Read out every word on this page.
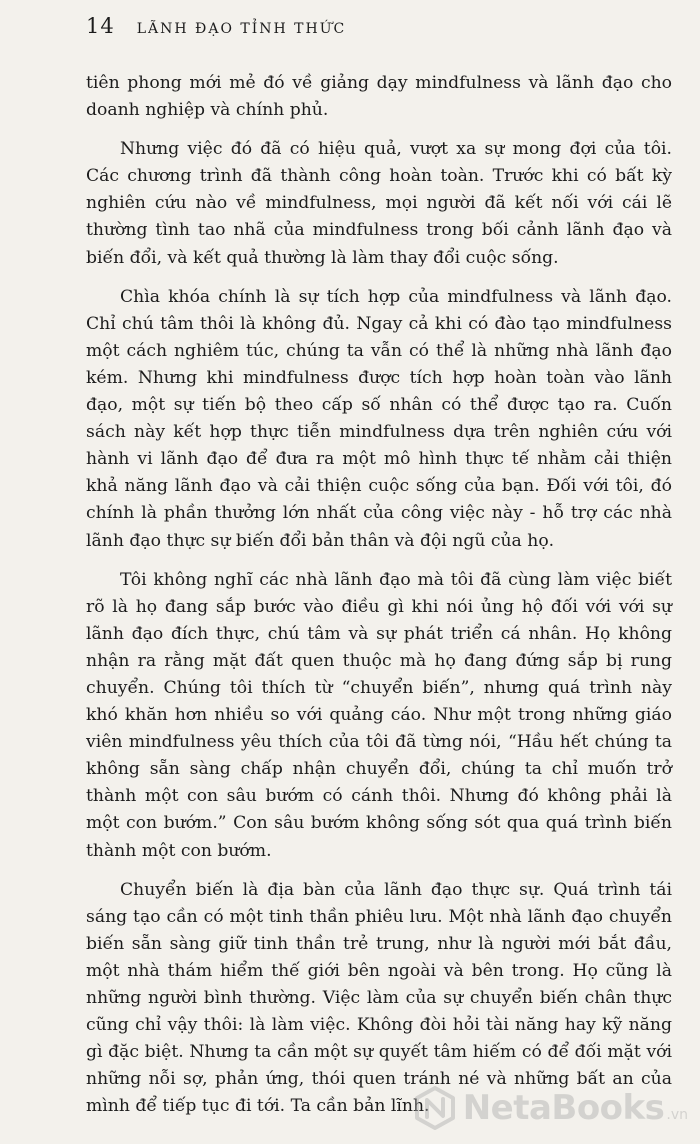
14 LÃNH ĐẠO TỈNH THỨC

tiên phong mới mẻ đó về giảng dạy mindfulness và lãnh đạo cho doanh nghiệp và chính phủ.

Nhưng việc đó đã có hiệu quả, vượt xa sự mong đợi của tôi. Các chương trình đã thành công hoàn toàn. Trước khi có bất kỳ nghiên cứu nào về mindfulness, mọi người đã kết nối với cái lẽ thường tình tao nhã của mindfulness trong bối cảnh lãnh đạo và biến đổi, và kết quả thường là làm thay đổi cuộc sống.

Chìa khóa chính là sự tích hợp của mindfulness và lãnh đạo. Chỉ chú tâm thôi là không đủ. Ngay cả khi có đào tạo mindfulness một cách nghiêm túc, chúng ta vẫn có thể là những nhà lãnh đạo kém. Nhưng khi mindfulness được tích hợp hoàn toàn vào lãnh đạo, một sự tiến bộ theo cấp số nhân có thể được tạo ra. Cuốn sách này kết hợp thực tiễn mindfulness dựa trên nghiên cứu với hành vi lãnh đạo để đưa ra một mô hình thực tế nhằm cải thiện khả năng lãnh đạo và cải thiện cuộc sống của bạn. Đối với tôi, đó chính là phần thưởng lớn nhất của công việc này - hỗ trợ các nhà lãnh đạo thực sự biến đổi bản thân và đội ngũ của họ.

Tôi không nghĩ các nhà lãnh đạo mà tôi đã cùng làm việc biết rõ là họ đang sắp bước vào điều gì khi nói ủng hộ đối với với sự lãnh đạo đích thực, chú tâm và sự phát triển cá nhân. Họ không nhận ra rằng mặt đất quen thuộc mà họ đang đứng sắp bị rung chuyển. Chúng tôi thích từ “chuyển biến”, nhưng quá trình này khó khăn hơn nhiều so với quảng cáo. Như một trong những giáo viên mindfulness yêu thích của tôi đã từng nói, “Hầu hết chúng ta không sẵn sàng chấp nhận chuyển đổi, chúng ta chỉ muốn trở thành một con sâu bướm có cánh thôi. Nhưng đó không phải là một con bướm.” Con sâu bướm không sống sót qua quá trình biến thành một con bướm.

Chuyển biến là địa bàn của lãnh đạo thực sự. Quá trình tái sáng tạo cần có một tinh thần phiêu lưu. Một nhà lãnh đạo chuyển biến sẵn sàng giữ tinh thần trẻ trung, như là người mới bắt đầu, một nhà thám hiểm thế giới bên ngoài và bên trong. Họ cũng là những người bình thường. Việc làm của sự chuyển biến chân thực cũng chỉ vậy thôi: là làm việc. Không đòi hỏi tài năng hay kỹ năng gì đặc biệt. Nhưng ta cần một sự quyết tâm hiếm có để đối mặt với những nỗi sợ, phản ứng, thói quen tránh né và những bất an của mình để tiếp tục đi tới. Ta cần bản lĩnh. NetaBooks .vn
